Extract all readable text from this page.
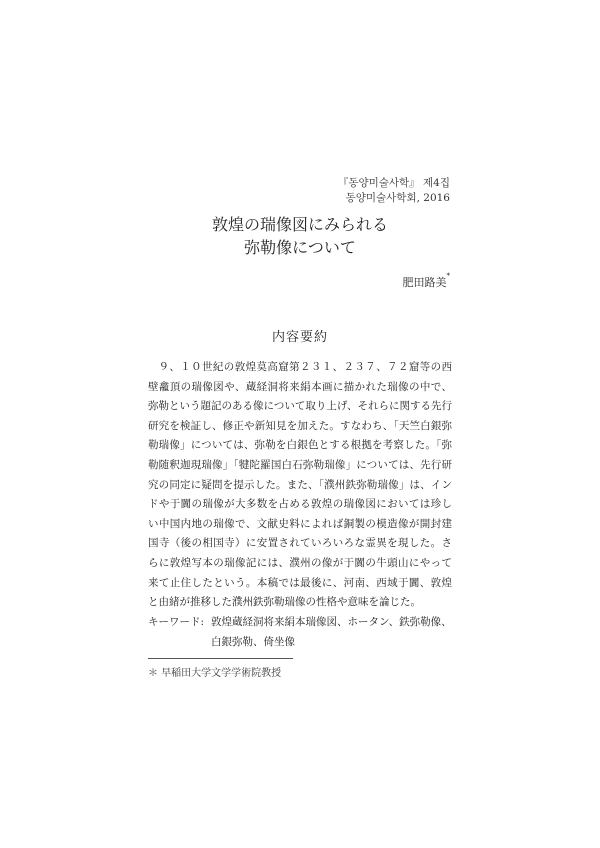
『동양미술사학』 제4집
동양미술사학회, 2016
敦煌の瑞像図にみられる
弥勒像について
肥田路美*
内容要約

９、１０世紀の敦煌莫高窟第２３１、２３７、７２窟等の西壁龕頂の瑞像図や、蔵経洞将来絹本画に描かれた瑞像の中で、弥勒という題記のある像について取り上げ、それらに関する先行研究を検証し、修正や新知見を加えた。すなわち、「天竺白銀弥勒瑞像」については、弥勒を白銀色とする根拠を考察した。「弥勒随釈迦現瑞像」「犍陀羅国白石弥勒瑞像」については、先行研究の同定に疑問を提示した。また、「濮州鉄弥勒瑞像」は、インドや于闐の瑞像が大多数を占める敦煌の瑞像図においては珍しい中国内地の瑞像で、文献史料によれば銅製の模造像が開封建国寺（後の相国寺）に安置されていろいろな霊異を現した。さらに敦煌写本の瑞像記には、濮州の像が于闐の牛頭山にやって来て止住したという。本稿では最後に、河南、西域于闐、敦煌と由緒が推移した濮州鉄弥勒瑞像の性格や意味を論じた。

キーワード: 敦煌蔵経洞将来絹本瑞像図、ホータン、鉄弥勒像、
白銀弥勒、倚坐像
＊ 早稲田大学文学学術院教授
